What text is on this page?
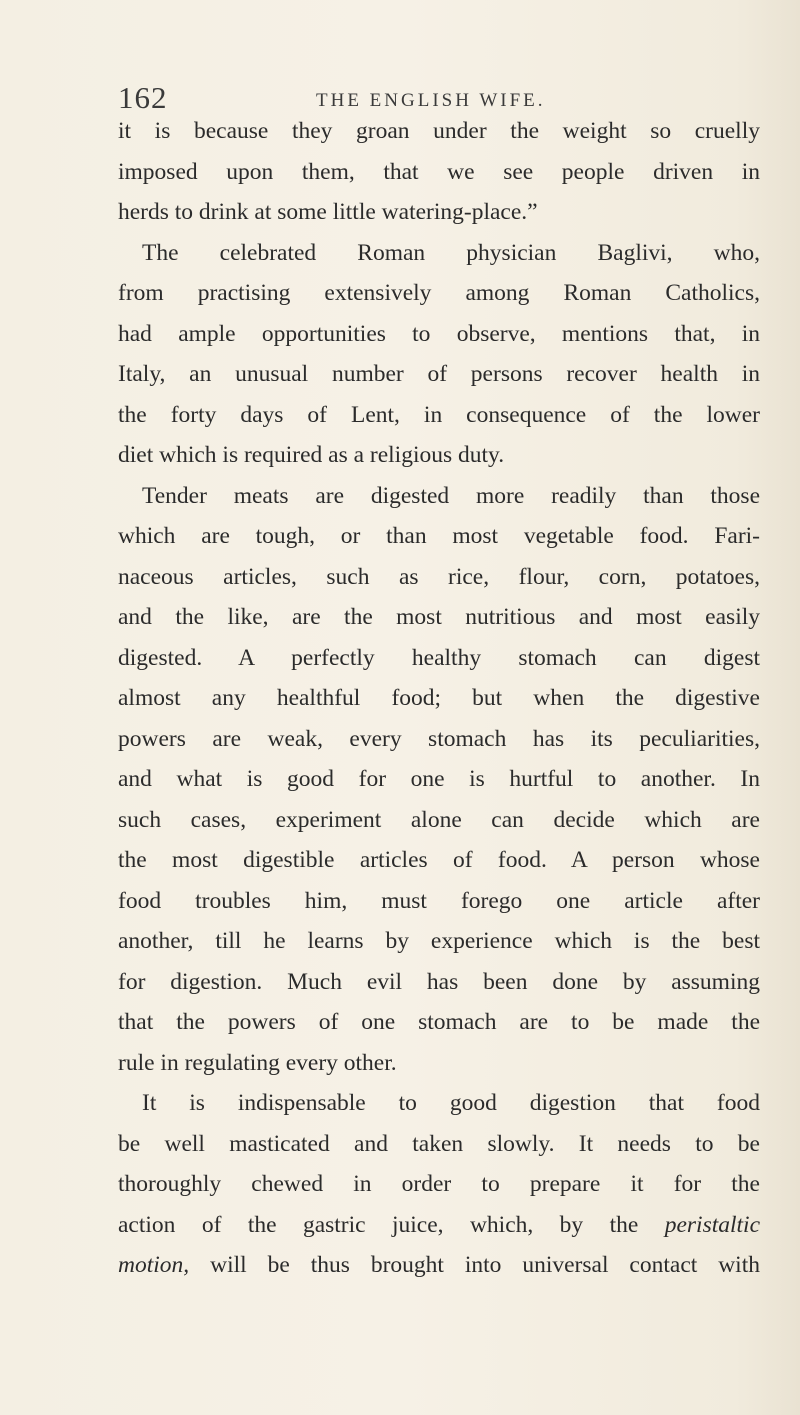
162	THE ENGLISH WIFE.
it is because they groan under the weight so cruelly
imposed upon them, that we see people driven in
herds to drink at some little watering-place.”
The celebrated Roman physician Baglivi, who,
from practising extensively among Roman Catholics,
had ample opportunities to observe, mentions that, in
Italy, an unusual number of persons recover health in
the forty days of Lent, in consequence of the lower
diet which is required as a religious duty.
Tender meats are digested more readily than those
which are tough, or than most vegetable food. Fari-
naceous articles, such as rice, flour, corn, potatoes,
and the like, are the most nutritious and most easily
digested. A perfectly healthy stomach can digest
almost any healthful food; but when the digestive
powers are weak, every stomach has its peculiarities,
and what is good for one is hurtful to another. In
such cases, experiment alone can decide which are
the most digestible articles of food. A person whose
food troubles him, must forego one article after
another, till he learns by experience which is the best
for digestion. Much evil has been done by assuming
that the powers of one stomach are to be made the
rule in regulating every other.
It is indispensable to good digestion that food
be well masticated and taken slowly. It needs to be
thoroughly chewed in order to prepare it for the
action of the gastric juice, which, by the peristaltic
motion, will be thus brought into universal contact with
